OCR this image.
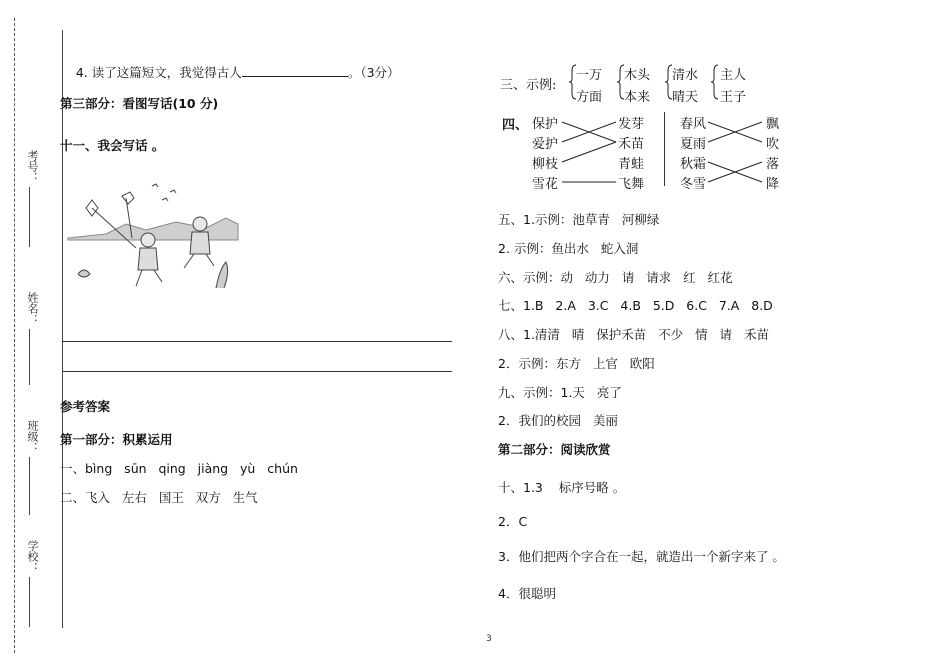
考号：
姓名：
班级：
学校：

4. 读了这篇短文，我觉得古人	。（3分）

第三部分：看图写话(10 分)
十一、我会写话 。
参考答案
第一部分：积累运用
一、bìng   sūn   qing   jiàng   yù   chún
二、飞入   左右   国王   双方   生气
三、示例:
一万
方面
木头
本来
清水
晴天
主人
王子
四、 保护
爱护
柳枝
雪花
发芽
禾苗
青蛙
飞舞
春风
夏雨
秋霜
冬雪
飘
吹
落
降
五、1.示例：池草青   河柳绿
2. 示例：鱼出水   蛇入洞
六、示例：动   动力   请   请求   红   红花
七、1.B   2.A   3.C   4.B   5.D   6.C   7.A   8.D
八、1.清清   晴   保护禾苗   不少   情   请   禾苗
2．示例：东方   上官   欧阳
九、示例：1.天   亮了
2．我们的校园   美丽
第二部分：阅读欣赏
十、1.3    标序号略 。
2．C
3．他们把两个字合在一起，就造出一个新字来了 。
4．很聪明
3
